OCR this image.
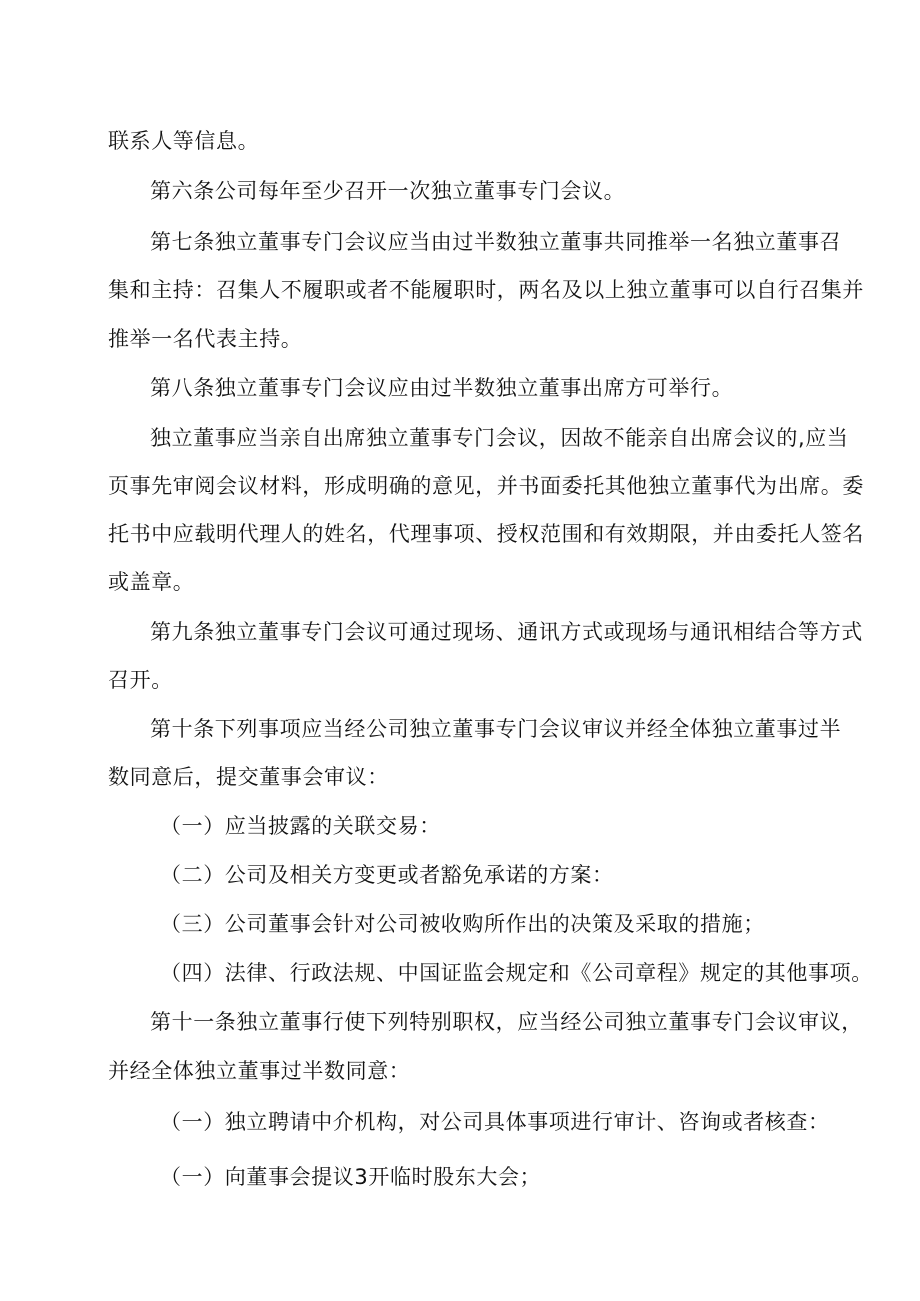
联系人等信息。

第六条公司每年至少召开一次独立董事专门会议。

第七条独立董事专门会议应当由过半数独立董事共同推举一名独立董事召

集和主持：召集人不履职或者不能履职时，两名及以上独立董事可以自行召集并

推举一名代表主持。

第八条独立董事专门会议应由过半数独立董事出席方可举行。

独立董事应当亲自出席独立董事专门会议，因故不能亲自出席会议的,应当

页事先审阅会议材料，形成明确的意见，并书面委托其他独立董事代为出席。委

托书中应载明代理人的姓名，代理事项、授权范围和有效期限，并由委托人签名

或盖章。

第九条独立董事专门会议可通过现场、通讯方式或现场与通讯相结合等方式

召开。

第十条下列事项应当经公司独立董事专门会议审议并经全体独立董事过半

数同意后，提交董事会审议：

（一）应当披露的关联交易：

（二）公司及相关方变更或者豁免承诺的方案：

（三）公司董事会针对公司被收购所作出的决策及采取的措施；

（四）法律、行政法规、中国证监会规定和《公司章程》规定的其他事项。

第十一条独立董事行使下列特别职权，应当经公司独立董事专门会议审议，

并经全体独立董事过半数同意：

（一）独立聘请中介机构，对公司具体事项进行审计、咨询或者核查：

（一）向董事会提议3开临时股东大会；
